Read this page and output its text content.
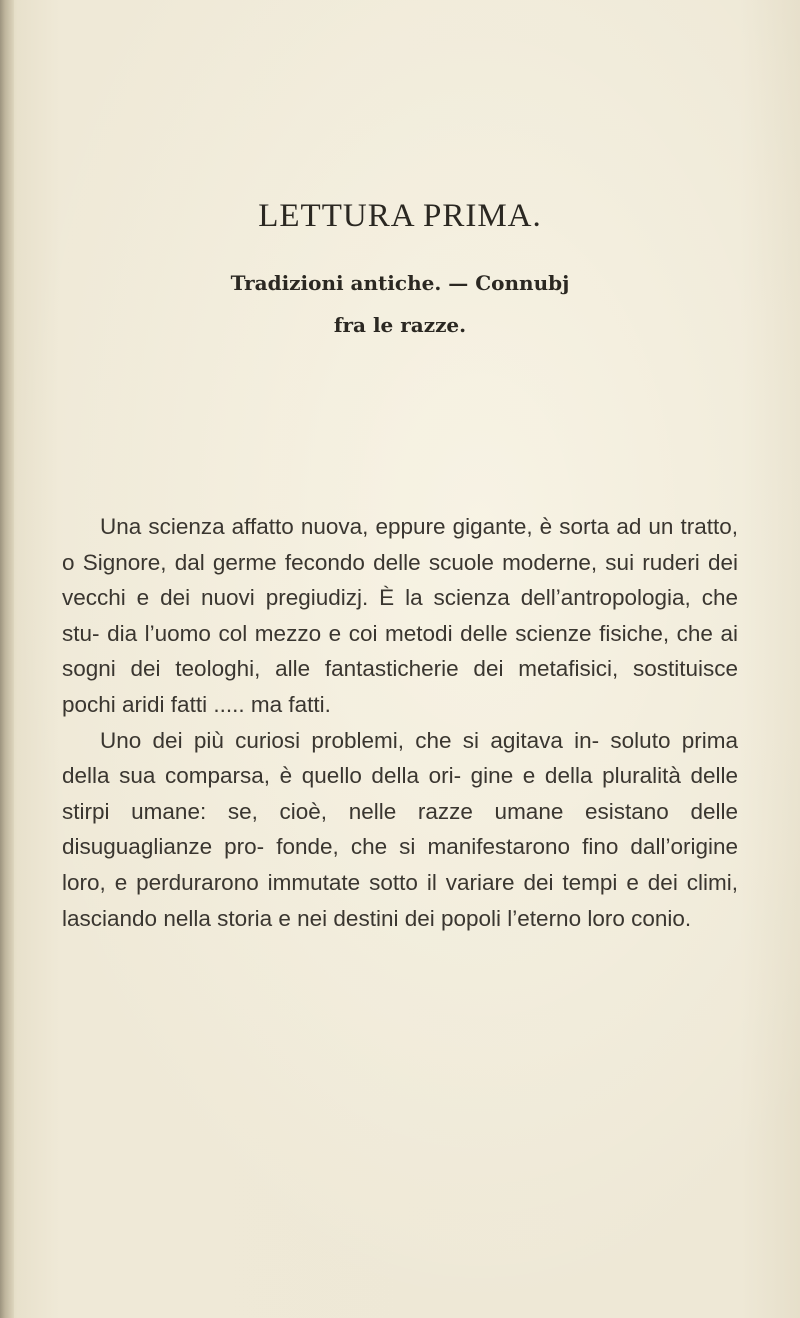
LETTURA PRIMA.
Tradizioni antiche. — Connubj
fra le razze.

Una scienza affatto nuova, eppure gigante, è sorta ad un tratto, o Signore, dal germe fecondo delle scuole moderne, sui ruderi dei vecchi e dei nuovi pregiudizj. È la scienza dell’antropologia, che stu- dia l’uomo col mezzo e coi metodi delle scienze fisiche, che ai sogni dei teologhi, alle fantasticherie dei metafisici, sostituisce pochi aridi fatti ..... ma fatti.

Uno dei più curiosi problemi, che si agitava in- soluto prima della sua comparsa, è quello della ori- gine e della pluralità delle stirpi umane: se, cioè, nelle razze umane esistano delle disuguaglianze pro- fonde, che si manifestarono fino dall’origine loro, e perdurarono immutate sotto il variare dei tempi e dei climi, lasciando nella storia e nei destini dei popoli l’eterno loro conio.
